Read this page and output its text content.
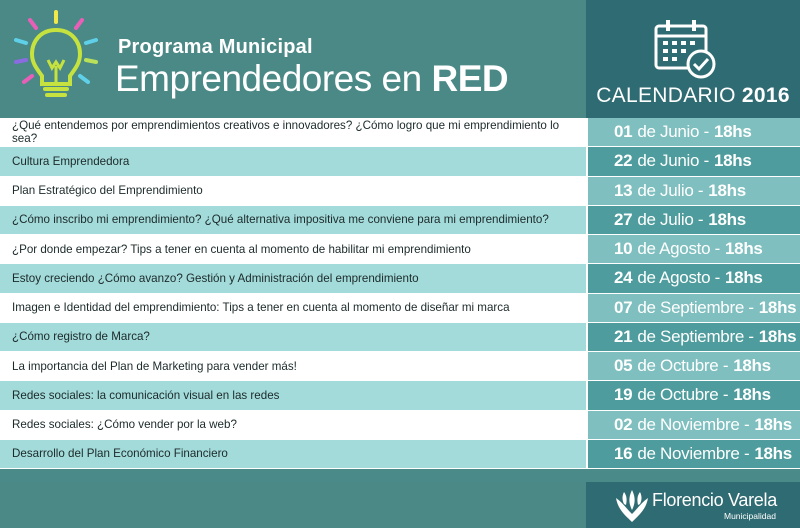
Programa Municipal
Emprendedores en RED	CALENDARIO 2016
¿Qué entendemos por emprendimientos creativos e innovadores? ¿Cómo logro que mi emprendimiento lo sea?	01 de Junio - 18hs
Cultura Emprendedora	22 de Junio - 18hs
Plan Estratégico del Emprendimiento	13 de Julio - 18hs
¿Cómo inscribo mi emprendimiento? ¿Qué alternativa impositiva me conviene para mi emprendimiento?	27 de Julio - 18hs
¿Por donde empezar? Tips a tener en cuenta al momento de habilitar mi emprendimiento	10 de Agosto - 18hs
Estoy creciendo ¿Cómo avanzo? Gestión y Administración del emprendimiento	24 de Agosto - 18hs
Imagen e Identidad del emprendimiento: Tips a tener en cuenta al momento de diseñar mi marca	07 de Septiembre - 18hs
¿Cómo registro de Marca?	21 de Septiembre - 18hs
La importancia del Plan de Marketing para vender más!	05 de Octubre - 18hs
Redes sociales: la comunicación visual en las redes	19 de Octubre - 18hs
Redes sociales: ¿Cómo vender por la web?	02 de Noviembre - 18hs
Desarrollo del Plan Económico Financiero	16 de Noviembre - 18hs
Florencio Varela
Municipalidad
